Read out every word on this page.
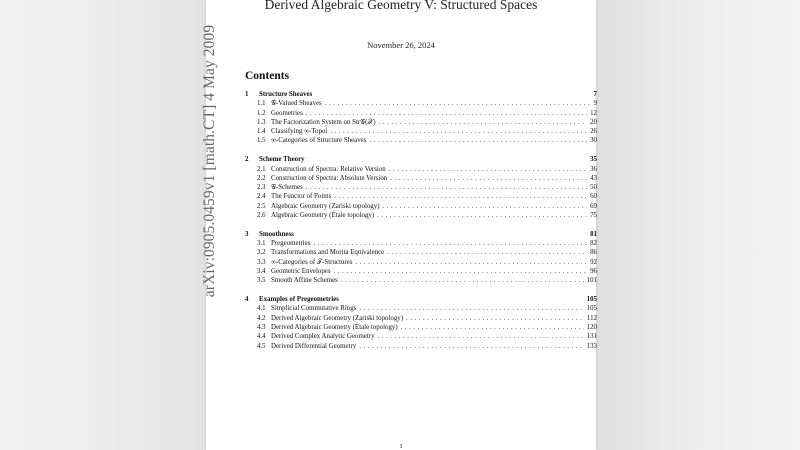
Derived Algebraic Geometry V: Structured Spaces
November 26, 2024
Contents
1	Structure Sheaves	7
1.1 𝒢-Valued Sheaves . . .	9
1.2 Geometries . . .	12
1.3 The Factorization System on Str𝒢(𝒳) . . .	20
1.4 Classifying ∞-Topoi . . .	26
1.5 ∞-Categories of Structure Sheaves . . .	30
2	Scheme Theory	35
2.1 Construction of Spectra: Relative Version . . .	36
2.2 Construction of Spectra: Absolute Version . . .	43
2.3 𝒢-Schemes . . .	50
2.4 The Functor of Points . . .	60
2.5 Algebraic Geometry (Zariski topology) . . .	69
2.6 Algebraic Geometry (Étale topology) . . .	75
3	Smoothness	81
3.1 Pregeometries . . .	82
3.2 Transformations and Morita Equivalence . . .	86
3.3 ∞-Categories of 𝒯-Structures . . .	92
3.4 Geometric Envelopes . . .	96
3.5 Smooth Affine Schemes . . .	101
4	Examples of Pregeometries	105
4.1 Simplicial Commutative Rings . . .	105
4.2 Derived Algebraic Geometry (Zariski topology) . . .	112
4.3 Derived Algebraic Geometry (Étale topology) . . .	120
4.4 Derived Complex Analytic Geometry . . .	131
4.5 Derived Differential Geometry . . .	133
1
arXiv:0905.0459v1 [math.CT] 4 May 2009
